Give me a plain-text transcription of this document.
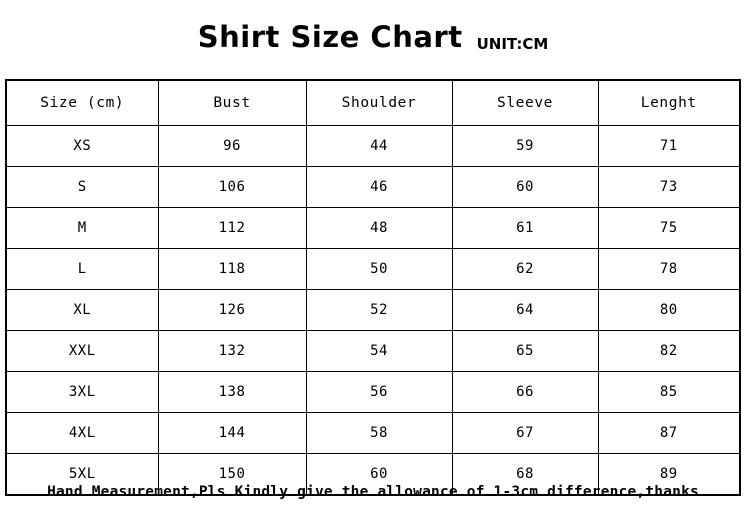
Shirt Size Chart UNIT:CM
Size (cm)	Bust	Shoulder	Sleeve	Lenght
XS	96	44	59	71
S	106	46	60	73
M	112	48	61	75
L	118	50	62	78
XL	126	52	64	80
XXL	132	54	65	82
3XL	138	56	66	85
4XL	144	58	67	87
5XL	150	60	68	89
Hand Measurement,Pls Kindly give the allowance of 1-3cm difference,thanks
